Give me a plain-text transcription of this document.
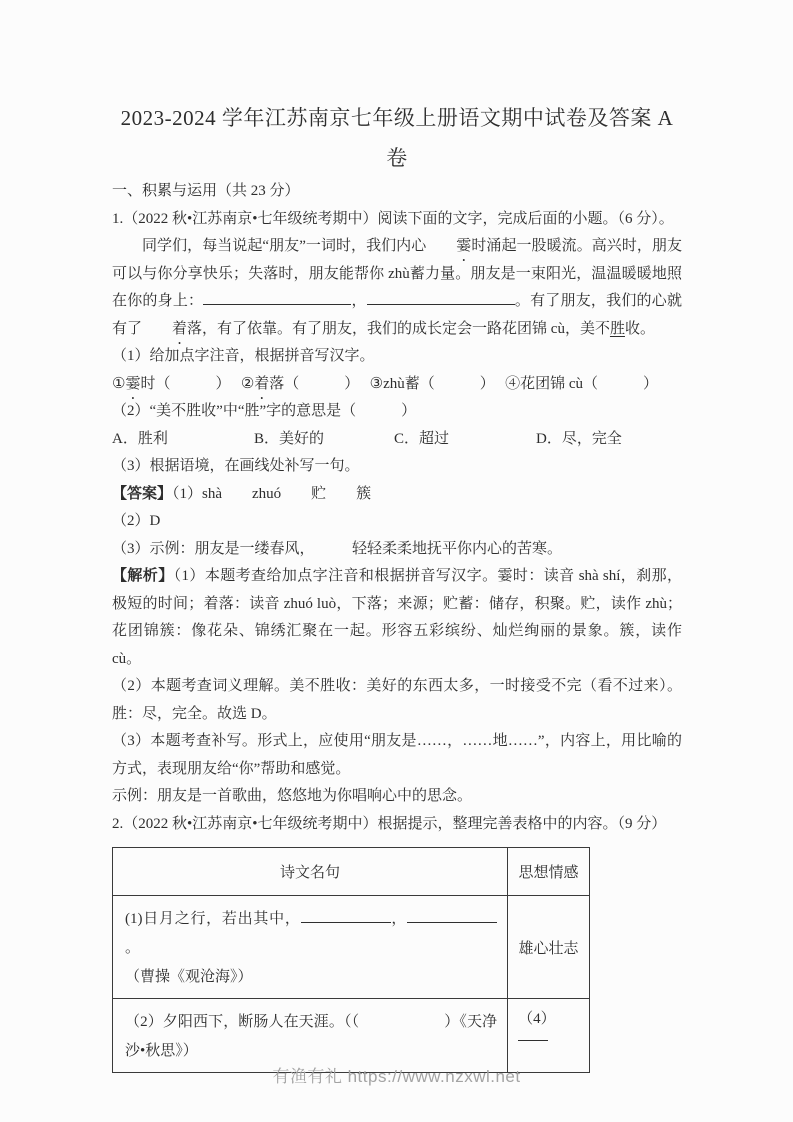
2023-2024 学年江苏南京七年级上册语文期中试卷及答案 A
卷

一、积累与运用（共 23 分）

1.（2022 秋•江苏南京•七年级统考期中）阅读下面的文字，完成后面的小题。（6 分）。

同学们，每当说起“朋友”一词时，我们内心 霎时涌起一股暖流。高兴时，朋友可以与你分享快乐；失落时，朋友能帮你 zhù蓄力量。朋友是一束阳光，温温暖暖地照在你的身上：	，	。有了朋友，我们的心就有了 着落，有了依靠。有了朋友，我们的成长定会一路花团锦 cù，美不胜收。

（1）给加点字注音，根据拼音写汉字。

①霎时（　　　） ②着落（　　　） ③zhù蓄（　　　） ④花团锦 cù（　　　）

（2）“美不胜收”中“胜”字的意思是（　　　）

A．胜利	B．美好的	C．超过	D．尽，完全

（3）根据语境，在画线处补写一句。

【答案】（1）shà　　zhuó　　贮　　簇

（2）D

（3）示例：朋友是一缕春风，　　　轻轻柔柔地抚平你内心的苦寒。

【解析】（1）本题考查给加点字注音和根据拼音写汉字。霎时：读音 shà shí，刹那，极短的时间；着落：读音 zhuó luò，下落；来源；贮蓄：储存，积聚。贮，读作 zhù；花团锦簇：像花朵、锦绣汇聚在一起。形容五彩缤纷、灿烂绚丽的景象。簇，读作 cù。

（2）本题考查词义理解。美不胜收：美好的东西太多，一时接受不完（看不过来）。胜：尽，完全。故选 D。

（3）本题考查补写。形式上，应使用“朋友是……，……地……”，内容上，用比喻的方式，表现朋友给“你”帮助和感觉。

示例：朋友是一首歌曲，悠悠地为你唱响心中的思念。

2.（2022 秋•江苏南京•七年级统考期中）根据提示，整理完善表格中的内容。（9 分）

诗文名句	思想情感

(1)日月之行，若出其中， ，。
（曹操《观沧海》）	雄心壮志
（2）夕阳西下，断肠人在天涯。（（ ）《天净沙•秋思》）	（4）
有渔有礼 https://www.nzxwl.net
